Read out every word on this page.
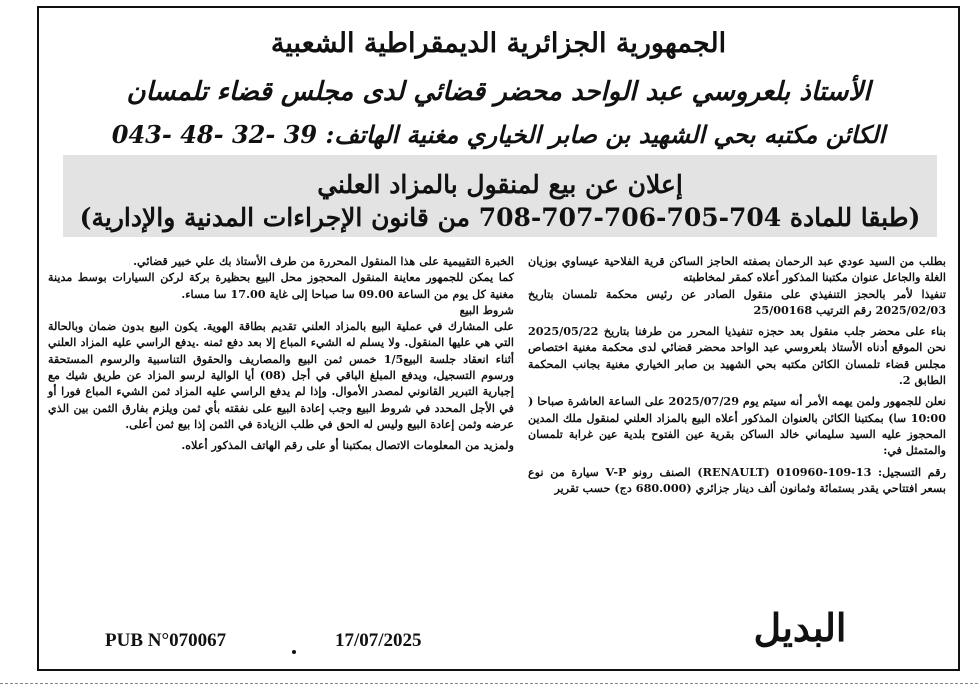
الجمهورية الجزائرية الديمقراطية الشعبية
الأستاذ بلعروسي عبد الواحد محضر قضائي لدى مجلس قضاء تلمسان
الكائن مكتبه بحي الشهيد بن صابر الخياري مغنية الهاتف: 39 -32 -48 -043
إعلان عن بيع لمنقول بالمزاد العلني
(طبقا للمادة 704-705-706-707-708 من قانون الإجراءات المدنية والإدارية)

بطلب من السيد عودي عبد الرحمان بصفته الحاجز الساكن قرية الفلاحية عيساوي بوزيان الغلة والجاعل عنوان مكتبنا المذكور أعلاه كمقر لمخاطبته

تنفيذا لأمر بالحجز التنفيذي على منقول الصادر عن رئيس محكمة تلمسان بتاريخ 2025/02/03 رقم الترتيب 25/00168

بناء على محضر جلب منقول بعد حجزه تنفيذيا المحرر من طرفنا بتاريخ 2025/05/22 نحن الموقع أدناه الأستاذ بلعروسي عبد الواحد محضر قضائي لدى محكمة مغنية اختصاص مجلس قضاء تلمسان الكائن مكتبه بحي الشهيد بن صابر الخياري مغنية بجانب المحكمة الطابق 2.

نعلن للجمهور ولمن يهمه الأمر أنه سيتم يوم 2025/07/29 على الساعة العاشرة صباحا ( 10:00 سا) بمكتبنا الكائن بالعنوان المذكور أعلاه البيع بالمزاد العلني لمنقول ملك المدين المحجوز عليه السيد سليماني خالد الساكن بقرية عين الفتوح بلدية عين غرابة تلمسان والمتمثل في:

رقم التسجيل: 13-109-010960 (RENAULT) الصنف رونو V-P سيارة من نوع بسعر افتتاحي يقدر بستمائة وثمانون ألف دينار جزائري (680.000 دج) حسب تقرير

الخبرة التقييمية على هذا المنقول المحررة من طرف الأستاذ بك علي خبير قضائي.

كما يمكن للجمهور معاينة المنقول المحجوز محل البيع بحظيرة بركة لركن السيارات بوسط مدينة مغنية كل يوم من الساعة 09.00 سا صباحا إلى غاية 17.00 سا مساء.

شروط البيع

على المشارك في عملية البيع بالمزاد العلني تقديم بطاقة الهوية. يكون البيع بدون ضمان وبالحالة التي هي عليها المنقول. ولا يسلم له الشيء المباع إلا بعد دفع ثمنه .يدفع الراسي عليه المزاد العلني أثناء انعقاد جلسة البيع1/5 خمس ثمن البيع والمصاريف والحقوق التناسبية والرسوم المستحقة ورسوم التسجيل، ويدفع المبلغ الباقي في أجل (08) أيا الوالية لرسو المزاد عن طريق شيك مع إجبارية التبرير القانوني لمصدر الأموال. وإذا لم يدفع الراسي عليه المزاد ثمن الشيء المباع فورا أو في الأجل المحدد في شروط البيع وجب إعادة البيع على نفقته بأي ثمن ويلزم بفارق الثمن بين الذي عرضه وثمن إعادة البيع وليس له الحق في طلب الزيادة في الثمن إذا بيع ثمن أعلى.

ولمزيد من المعلومات الاتصال بمكتبنا أو على رقم الهاتف المذكور أعلاه.

PUB N°070067	17/07/2025	البديل
